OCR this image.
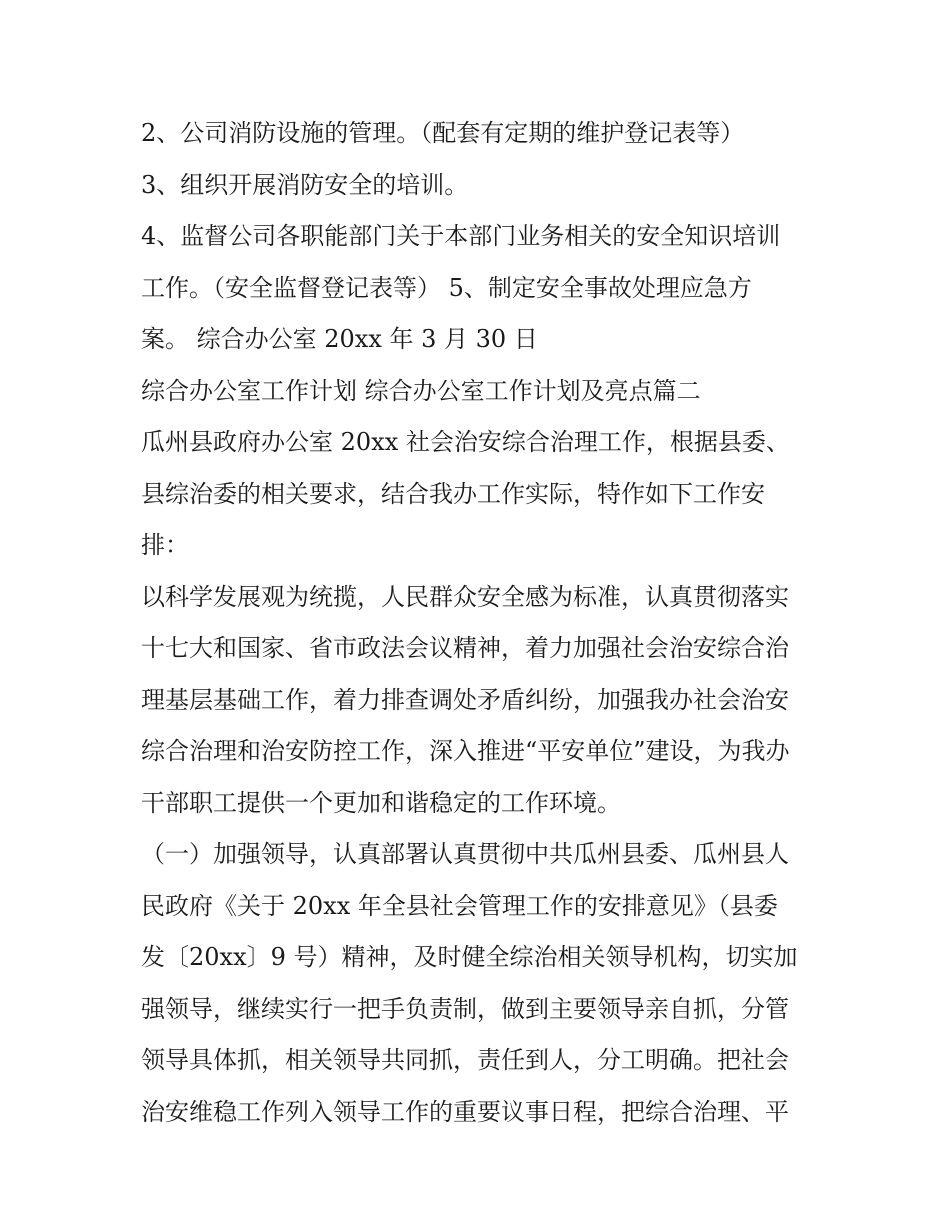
2、公司消防设施的管理。（配套有定期的维护登记表等）
3、组织开展消防安全的培训。
4、监督公司各职能部门关于本部门业务相关的安全知识培训
工作。（安全监督登记表等） 5、制定安全事故处理应急方
案。 综合办公室 20xx 年 3 月 30 日
综合办公室工作计划 综合办公室工作计划及亮点篇二
瓜州县政府办公室 20xx 社会治安综合治理工作，根据县委、
县综治委的相关要求，结合我办工作实际，特作如下工作安
排：
以科学发展观为统揽，人民群众安全感为标准，认真贯彻落实
十七大和国家、省市政法会议精神，着力加强社会治安综合治
理基层基础工作，着力排查调处矛盾纠纷，加强我办社会治安
综合治理和治安防控工作，深入推进“平安单位”建设，为我办
干部职工提供一个更加和谐稳定的工作环境。
（一）加强领导，认真部署认真贯彻中共瓜州县委、瓜州县人
民政府《关于 20xx 年全县社会管理工作的安排意见》（县委
发〔20xx〕9 号）精神，及时健全综治相关领导机构，切实加
强领导，继续实行一把手负责制，做到主要领导亲自抓，分管
领导具体抓，相关领导共同抓，责任到人，分工明确。把社会
治安维稳工作列入领导工作的重要议事日程，把综合治理、平
